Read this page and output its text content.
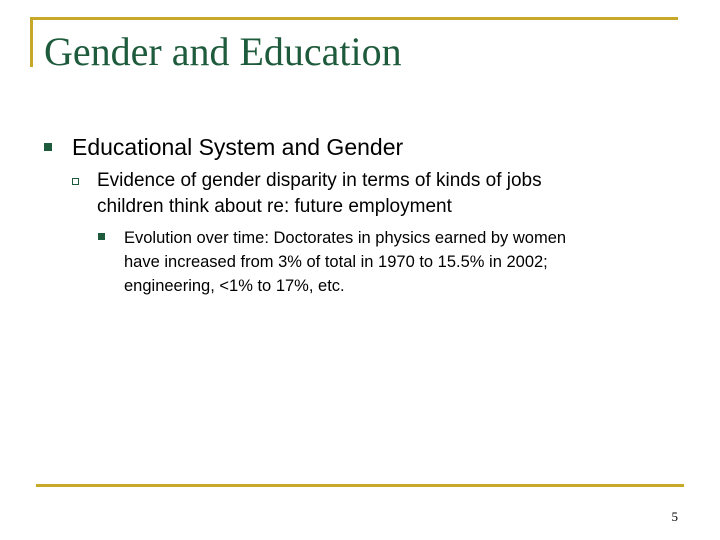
Gender and Education

Educational System and Gender

Evidence of gender disparity in terms of kinds of jobs
children think about re: future employment

Evolution over time: Doctorates in physics earned by women
have increased from 3% of total in 1970 to 15.5% in 2002;
engineering, <1% to 17%, etc.

5
